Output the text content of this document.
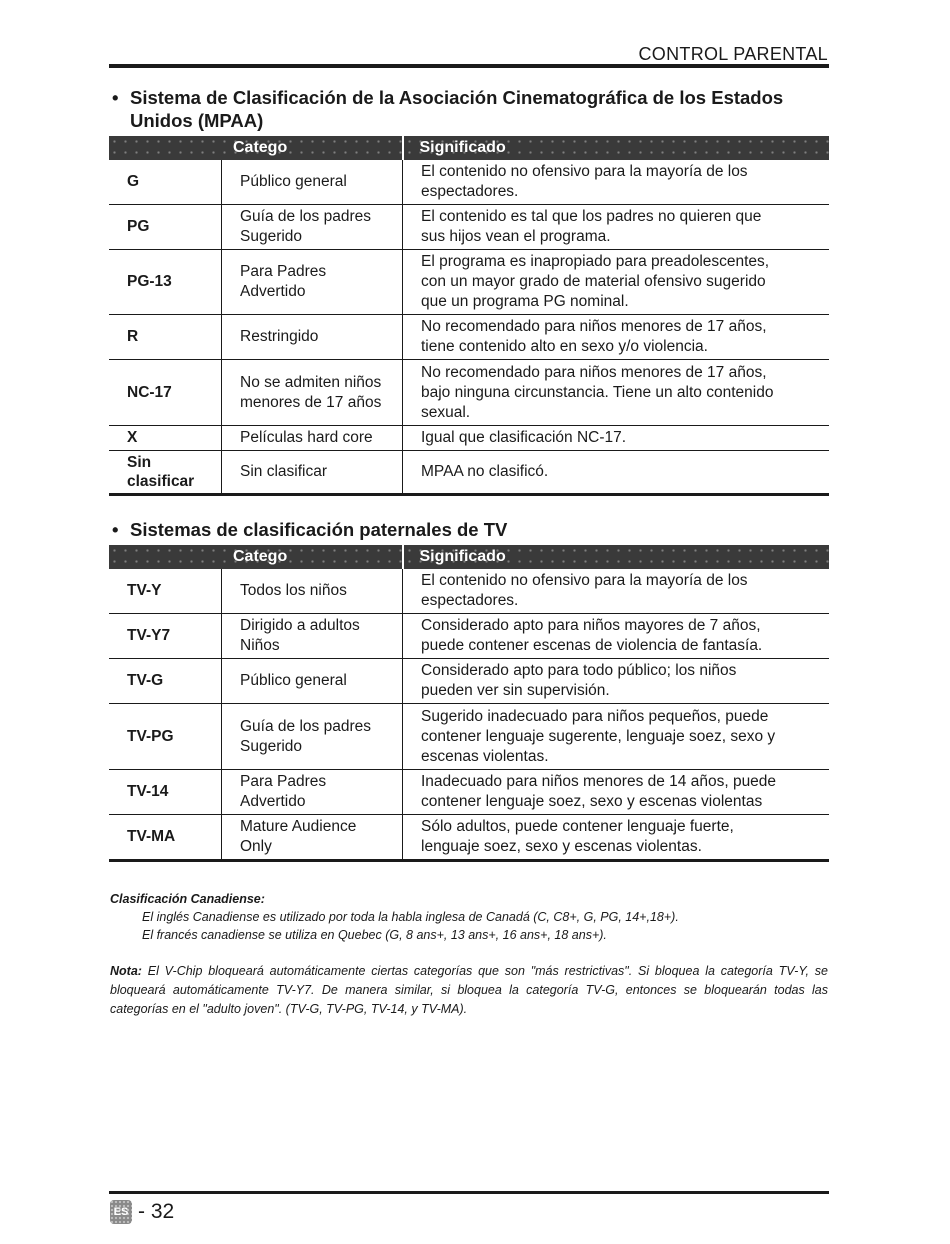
CONTROL PARENTAL
• Sistema de Clasificación de la Asociación Cinematográfica de los Estados Unidos (MPAA)
Catego		Significado
G	Público general	El contenido no ofensivo para la mayoría de los
espectadores.

PG	Guía de los padres
Sugerido	El contenido es tal que los padres no quieren que
sus hijos vean el programa.

PG-13	Para Padres
Advertido	El programa es inapropiado para preadolescentes,
con un mayor grado de material ofensivo sugerido
que un programa PG nominal.

R	Restringido	No recomendado para niños menores de 17 años,
tiene contenido alto en sexo y/o violencia.

NC-17	No se admiten niños
menores de 17 años	No recomendado para niños menores de 17 años,
bajo ninguna circunstancia. Tiene un alto contenido
sexual.

X	Películas hard core	Igual que clasificación NC-17.

Sin clasificar	Sin clasificar	MPAA no clasificó.
• Sistemas de clasificación paternales de TV
Catego		Significado
TV-Y	Todos los niños	El contenido no ofensivo para la mayoría de los
espectadores.

TV-Y7	Dirigido a adultos
Niños	Considerado apto para niños mayores de 7 años,
puede contener escenas de violencia de fantasía.

TV-G	Público general	Considerado apto para todo público; los niños
pueden ver sin supervisión.

TV-PG	Guía de los padres
Sugerido	Sugerido inadecuado para niños pequeños, puede
contener lenguaje sugerente, lenguaje soez, sexo y
escenas violentas.

TV-14	Para Padres
Advertido	Inadecuado para niños menores de 14 años, puede
contener lenguaje soez, sexo y escenas violentas

TV-MA	Mature Audience
Only	Sólo adultos, puede contener lenguaje fuerte,
lenguaje soez, sexo y escenas violentas.
Clasificación Canadiense:
El inglés Canadiense es utilizado por toda la habla inglesa de Canadá (C, C8+, G, PG, 14+,18+).
El francés canadiense se utiliza en Quebec (G, 8 ans+, 13 ans+, 16 ans+, 18 ans+).
Nota: El V-Chip bloqueará automáticamente ciertas categorías que son "más restrictivas". Si bloquea la categoría TV-Y, se bloqueará automáticamente TV-Y7. De manera similar, si bloquea la categoría TV-G, entonces se bloquearán todas las categorías en el "adulto joven". (TV-G, TV-PG, TV-14, y TV-MA).
ES - 32
